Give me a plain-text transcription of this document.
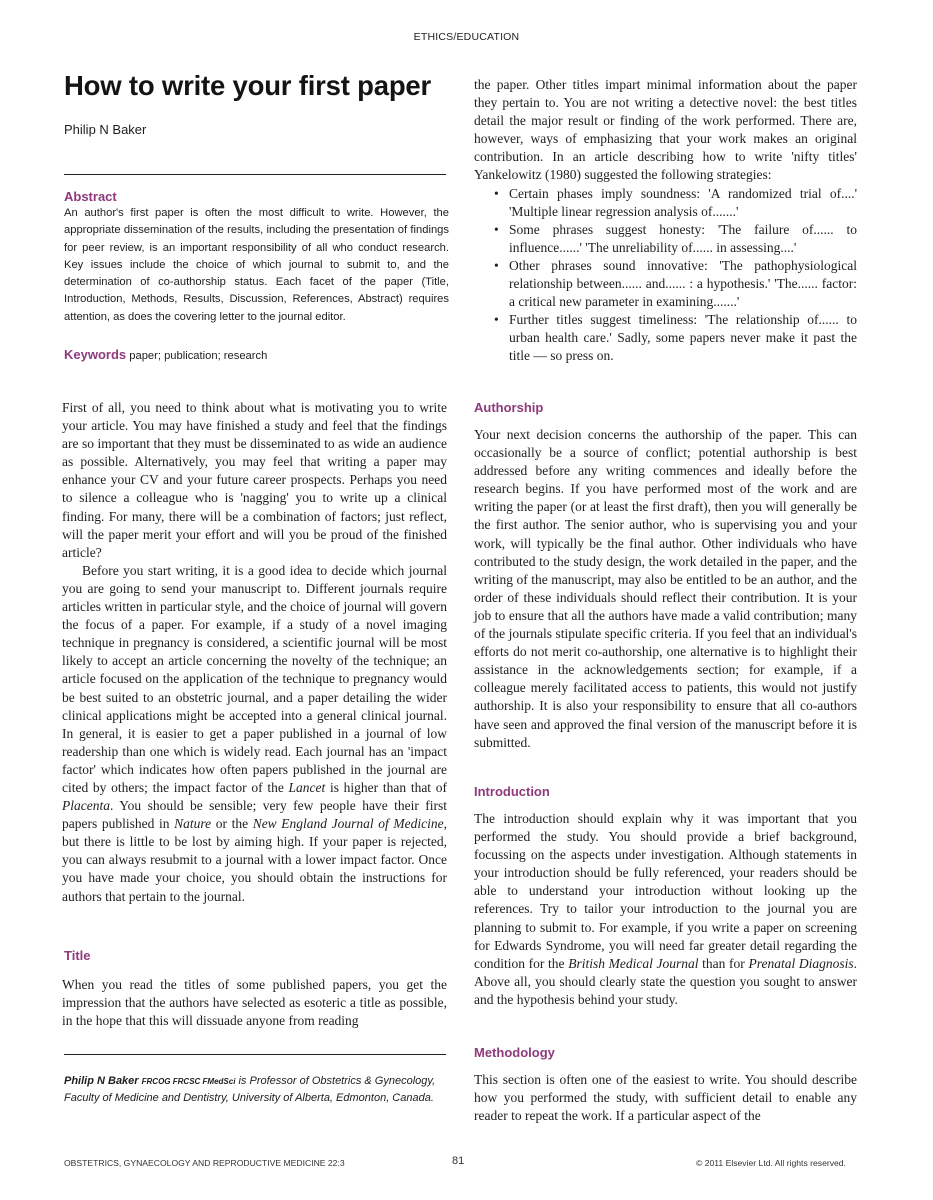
ETHICS/EDUCATION
How to write your first paper
Philip N Baker
Abstract
An author's first paper is often the most difficult to write. However, the appropriate dissemination of the results, including the presentation of findings for peer review, is an important responsibility of all who conduct research. Key issues include the choice of which journal to submit to, and the determination of co-authorship status. Each facet of the paper (Title, Introduction, Methods, Results, Discussion, References, Abstract) requires attention, as does the covering letter to the journal editor.
Keywords paper; publication; research

First of all, you need to think about what is motivating you to write your article. You may have finished a study and feel that the findings are so important that they must be disseminated to as wide an audience as possible. Alternatively, you may feel that writing a paper may enhance your CV and your future career prospects. Perhaps you need to silence a colleague who is 'nagging' you to write up a clinical finding. For many, there will be a combination of factors; just reflect, will the paper merit your effort and will you be proud of the finished article?

Before you start writing, it is a good idea to decide which journal you are going to send your manuscript to. Different journals require articles written in particular style, and the choice of journal will govern the focus of a paper. For example, if a study of a novel imaging technique in pregnancy is considered, a scientific journal will be most likely to accept an article concerning the novelty of the technique; an article focused on the application of the technique to pregnancy would be best suited to an obstetric journal, and a paper detailing the wider clinical applications might be accepted into a general clinical journal. In general, it is easier to get a paper published in a journal of low readership than one which is widely read. Each journal has an 'impact factor' which indicates how often papers published in the journal are cited by others; the impact factor of the Lancet is higher than that of Placenta. You should be sensible; very few people have their first papers published in Nature or the New England Journal of Medicine, but there is little to be lost by aiming high. If your paper is rejected, you can always resubmit to a journal with a lower impact factor. Once you have made your choice, you should obtain the instructions for authors that pertain to the journal.

Title
When you read the titles of some published papers, you get the impression that the authors have selected as esoteric a title as possible, in the hope that this will dissuade anyone from reading
Philip N Baker FRCOG FRCSC FMedSci is Professor of Obstetrics & Gynecology, Faculty of Medicine and Dentistry, University of Alberta, Edmonton, Canada.

the paper. Other titles impart minimal information about the paper they pertain to. You are not writing a detective novel: the best titles detail the major result or finding of the work performed. There are, however, ways of emphasizing that your work makes an original contribution. In an article describing how to write 'nifty titles' Yankelowitz (1980) suggested the following strategies:

• Certain phases imply soundness: 'A randomized trial of....' 'Multiple linear regression analysis of.......'
• Some phrases suggest honesty: 'The failure of...... to influence......' 'The unreliability of...... in assessing....'
• Other phrases sound innovative: 'The pathophysiological relationship between...... and...... : a hypothesis.' 'The...... factor: a critical new parameter in examining.......'
• Further titles suggest timeliness: 'The relationship of...... to urban health care.' Sadly, some papers never make it past the title — so press on.
Authorship
Your next decision concerns the authorship of the paper. This can occasionally be a source of conflict; potential authorship is best addressed before any writing commences and ideally before the research begins. If you have performed most of the work and are writing the paper (or at least the first draft), then you will generally be the first author. The senior author, who is supervising you and your work, will typically be the final author. Other individuals who have contributed to the study design, the work detailed in the paper, and the writing of the manuscript, may also be entitled to be an author, and the order of these individuals should reflect their contribution. It is your job to ensure that all the authors have made a valid contribution; many of the journals stipulate specific criteria. If you feel that an individual's efforts do not merit co-authorship, one alternative is to highlight their assistance in the acknowledgements section; for example, if a colleague merely facilitated access to patients, this would not justify authorship. It is also your responsibility to ensure that all co-authors have seen and approved the final version of the manuscript before it is submitted.
Introduction
The introduction should explain why it was important that you performed the study. You should provide a brief background, focussing on the aspects under investigation. Although statements in your introduction should be fully referenced, your readers should be able to understand your introduction without looking up the references. Try to tailor your introduction to the journal you are planning to submit to. For example, if you write a paper on screening for Edwards Syndrome, you will need far greater detail regarding the condition for the British Medical Journal than for Prenatal Diagnosis. Above all, you should clearly state the question you sought to answer and the hypothesis behind your study.
Methodology
This section is often one of the easiest to write. You should describe how you performed the study, with sufficient detail to enable any reader to repeat the work. If a particular aspect of the
OBSTETRICS, GYNAECOLOGY AND REPRODUCTIVE MEDICINE 22:3	81	© 2011 Elsevier Ltd. All rights reserved.
